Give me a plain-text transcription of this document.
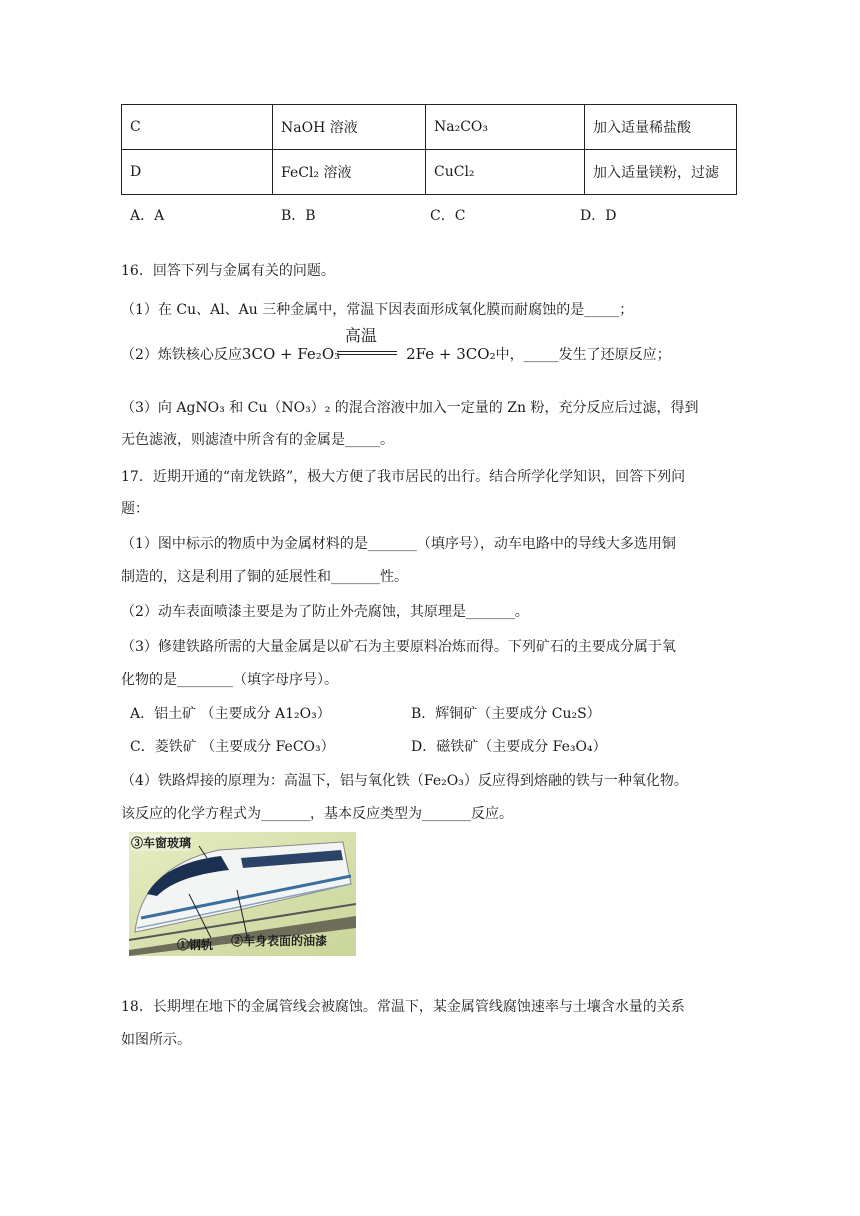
C	NaOH 溶液	Na₂CO₃	加入适量稀盐酸
D	FeCl₂ 溶液	CuCl₂	加入适量镁粉，过滤
A．A	B．B	C．C	D．D
16．回答下列与金属有关的问题。
（1）在 Cu、Al、Au 三种金属中，常温下因表面形成氧化膜而耐腐蚀的是_____；
（2）炼铁核心反应3CO + Fe₂O₃
高温
2Fe + 3CO₂中，_____发生了还原反应；
（3）向 AgNO₃ 和 Cu（NO₃）₂ 的混合溶液中加入一定量的 Zn 粉，充分反应后过滤，得到
无色滤液，则滤渣中所含有的金属是_____。
17．近期开通的“南龙铁路”，极大方便了我市居民的出行。结合所学化学知识，回答下列问
题：
（1）图中标示的物质中为金属材料的是_______（填序号），动车电路中的导线大多选用铜
制造的，这是利用了铜的延展性和_______性。
（2）动车表面喷漆主要是为了防止外壳腐蚀，其原理是_______。
（3）修建铁路所需的大量金属是以矿石为主要原料冶炼而得。下列矿石的主要成分属于氧
化物的是________（填字母序号）。
A．铝土矿 （主要成分 A1₂O₃）	B．辉铜矿（主要成分 Cu₂S）
C．菱铁矿 （主要成分 FeCO₃）	D．磁铁矿（主要成分 Fe₃O₄）
（4）铁路焊接的原理为：高温下，铝与氧化铁（Fe₂O₃）反应得到熔融的铁与一种氧化物。
该反应的化学方程式为_______，基本反应类型为_______反应。
③车窗玻璃
①钢轨 ②车身表面的油漆
18．长期埋在地下的金属管线会被腐蚀。常温下，某金属管线腐蚀速率与土壤含水量的关系
如图所示。
